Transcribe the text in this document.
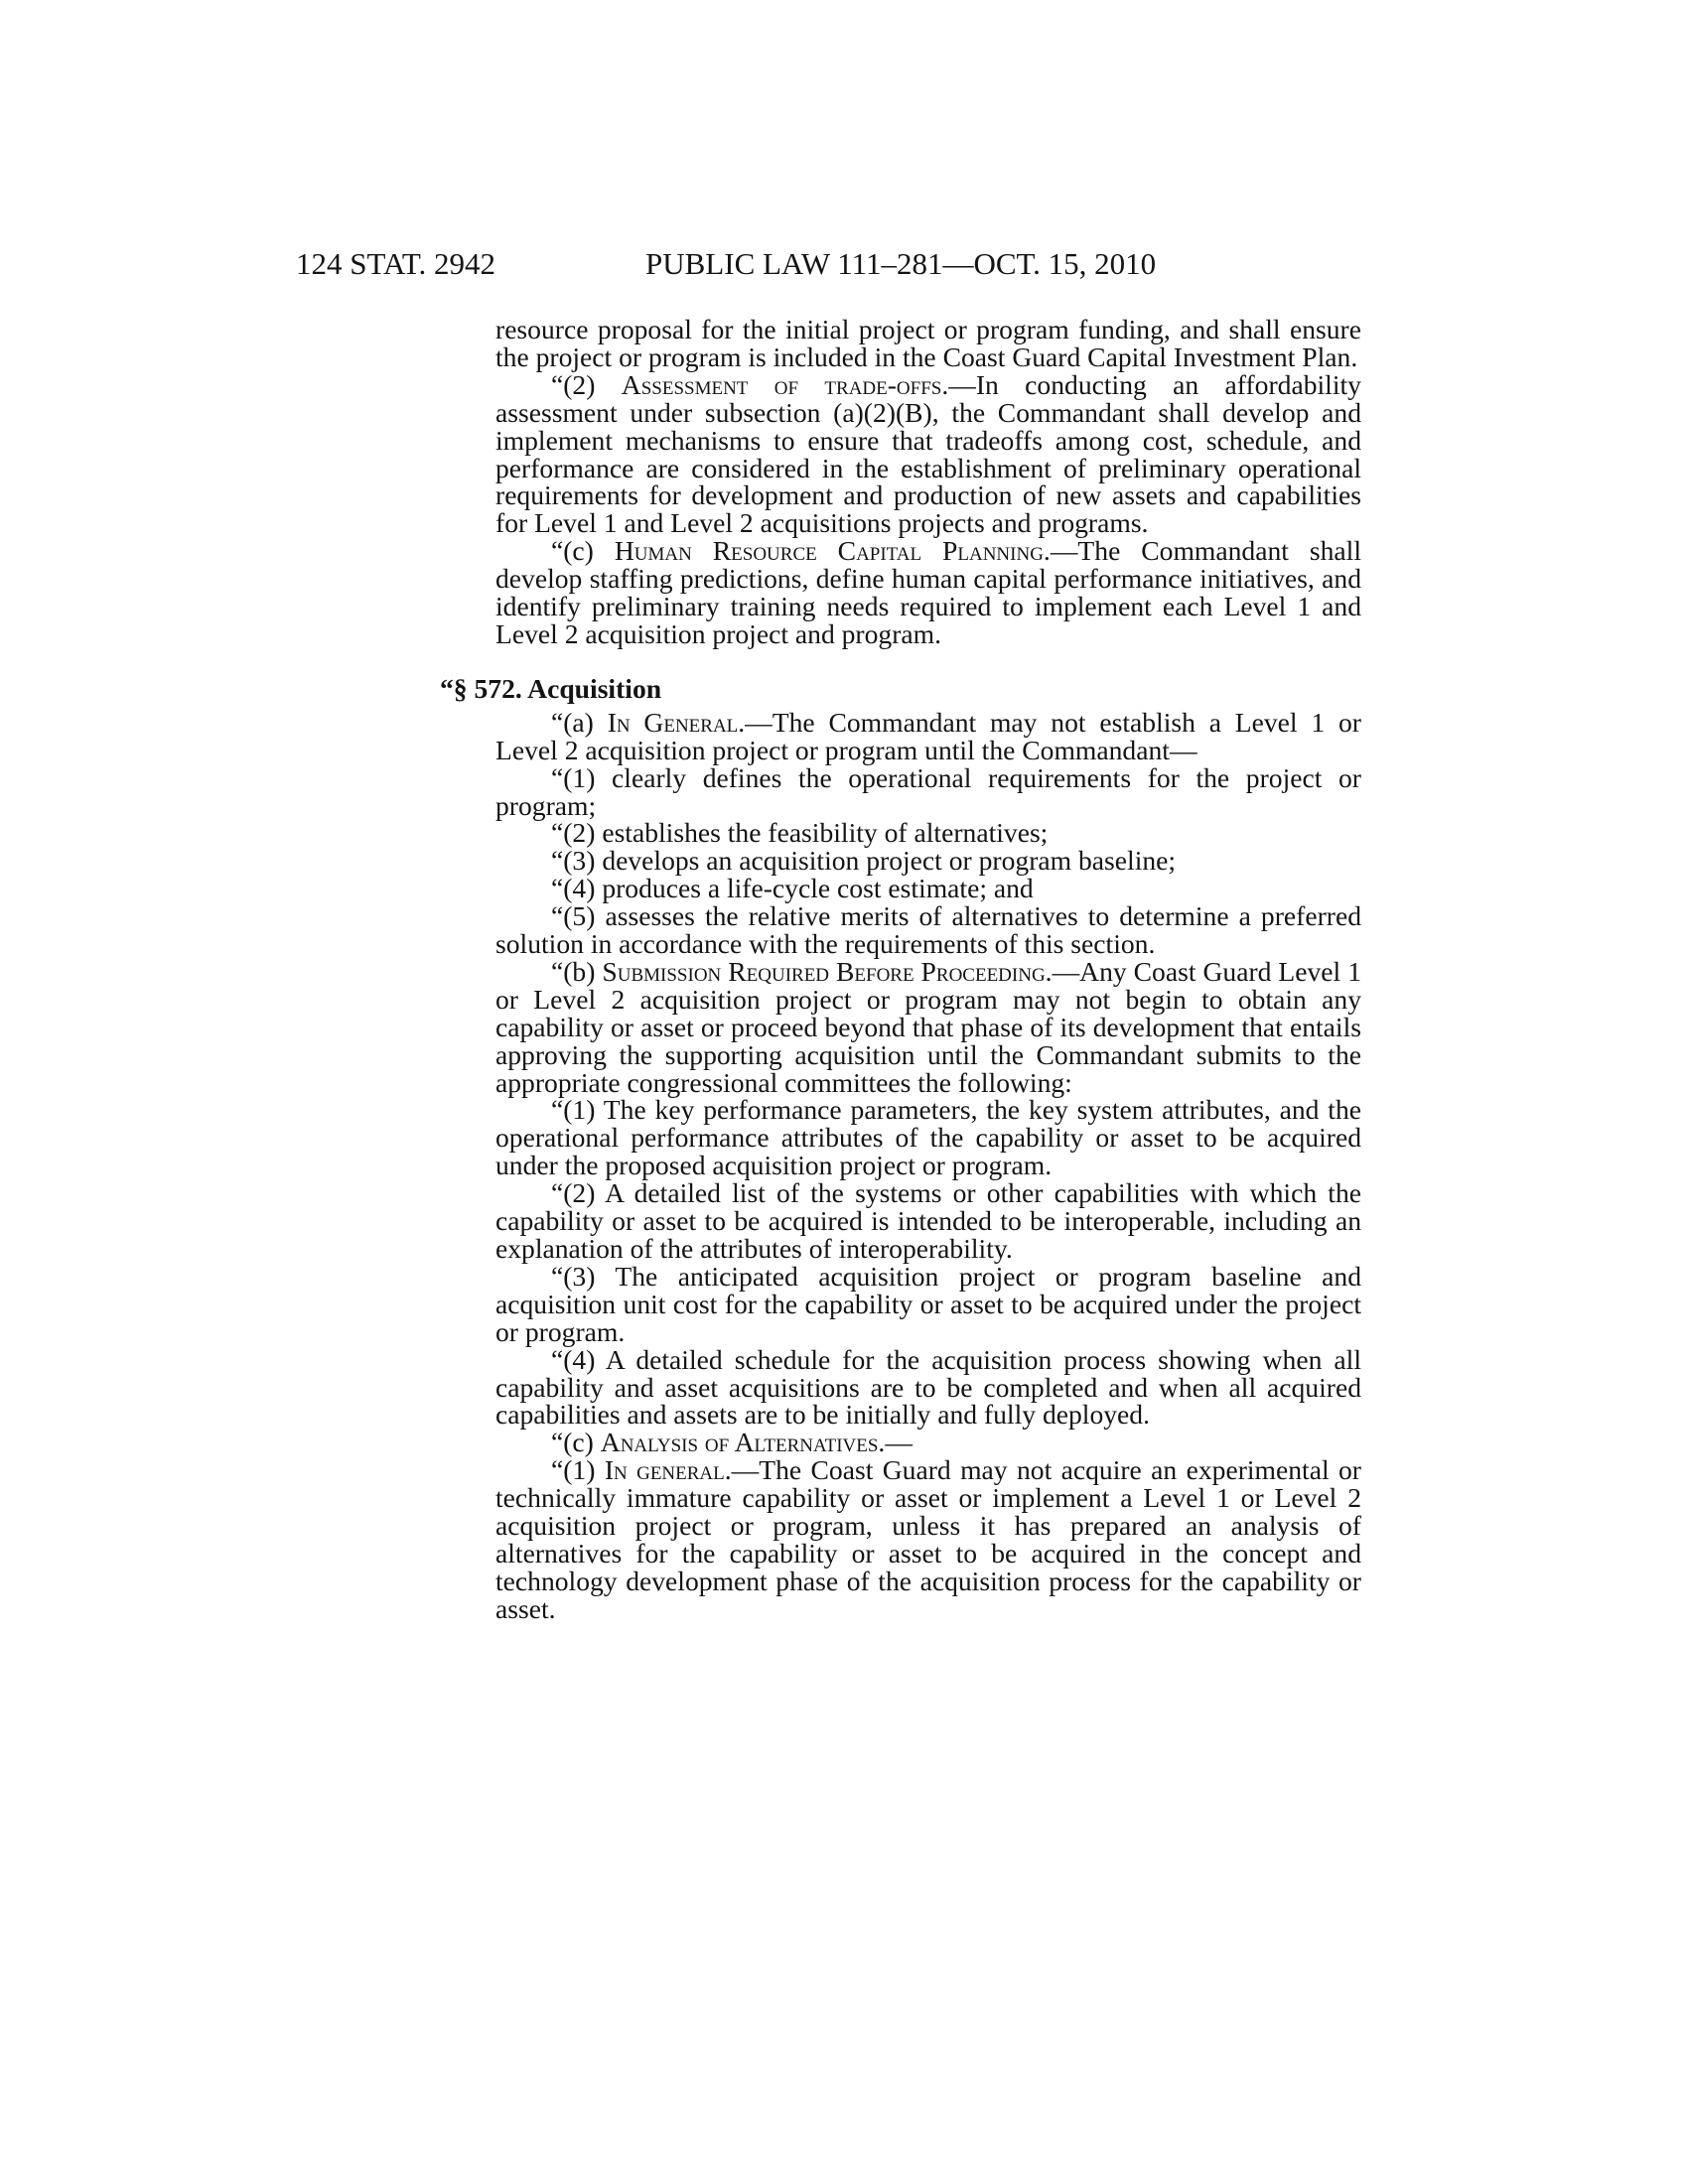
124 STAT. 2942	PUBLIC LAW 111–281—OCT. 15, 2010

resource proposal for the initial project or program funding, and shall ensure the project or program is included in the Coast Guard Capital Investment Plan.

“(2) Assessment of trade-offs.—In conducting an affordability assessment under subsection (a)(2)(B), the Commandant shall develop and implement mechanisms to ensure that tradeoffs among cost, schedule, and performance are considered in the establishment of preliminary operational requirements for development and production of new assets and capabilities for Level 1 and Level 2 acquisitions projects and programs.

“(c) Human Resource Capital Planning.—The Commandant shall develop staffing predictions, define human capital performance initiatives, and identify preliminary training needs required to implement each Level 1 and Level 2 acquisition project and program.

“§ 572. Acquisition

“(a) In General.—The Commandant may not establish a Level 1 or Level 2 acquisition project or program until the Commandant—

“(1) clearly defines the operational requirements for the project or program;

“(2) establishes the feasibility of alternatives;

“(3) develops an acquisition project or program baseline;

“(4) produces a life-cycle cost estimate; and

“(5) assesses the relative merits of alternatives to determine a preferred solution in accordance with the requirements of this section.

“(b) Submission Required Before Proceeding.—Any Coast Guard Level 1 or Level 2 acquisition project or program may not begin to obtain any capability or asset or proceed beyond that phase of its development that entails approving the supporting acquisition until the Commandant submits to the appropriate congressional committees the following:

“(1) The key performance parameters, the key system attributes, and the operational performance attributes of the capability or asset to be acquired under the proposed acquisition project or program.

“(2) A detailed list of the systems or other capabilities with which the capability or asset to be acquired is intended to be interoperable, including an explanation of the attributes of interoperability.

“(3) The anticipated acquisition project or program baseline and acquisition unit cost for the capability or asset to be acquired under the project or program.

“(4) A detailed schedule for the acquisition process showing when all capability and asset acquisitions are to be completed and when all acquired capabilities and assets are to be initially and fully deployed.

“(c) Analysis of Alternatives.—

“(1) In general.—The Coast Guard may not acquire an experimental or technically immature capability or asset or implement a Level 1 or Level 2 acquisition project or program, unless it has prepared an analysis of alternatives for the capability or asset to be acquired in the concept and technology development phase of the acquisition process for the capability or asset.
